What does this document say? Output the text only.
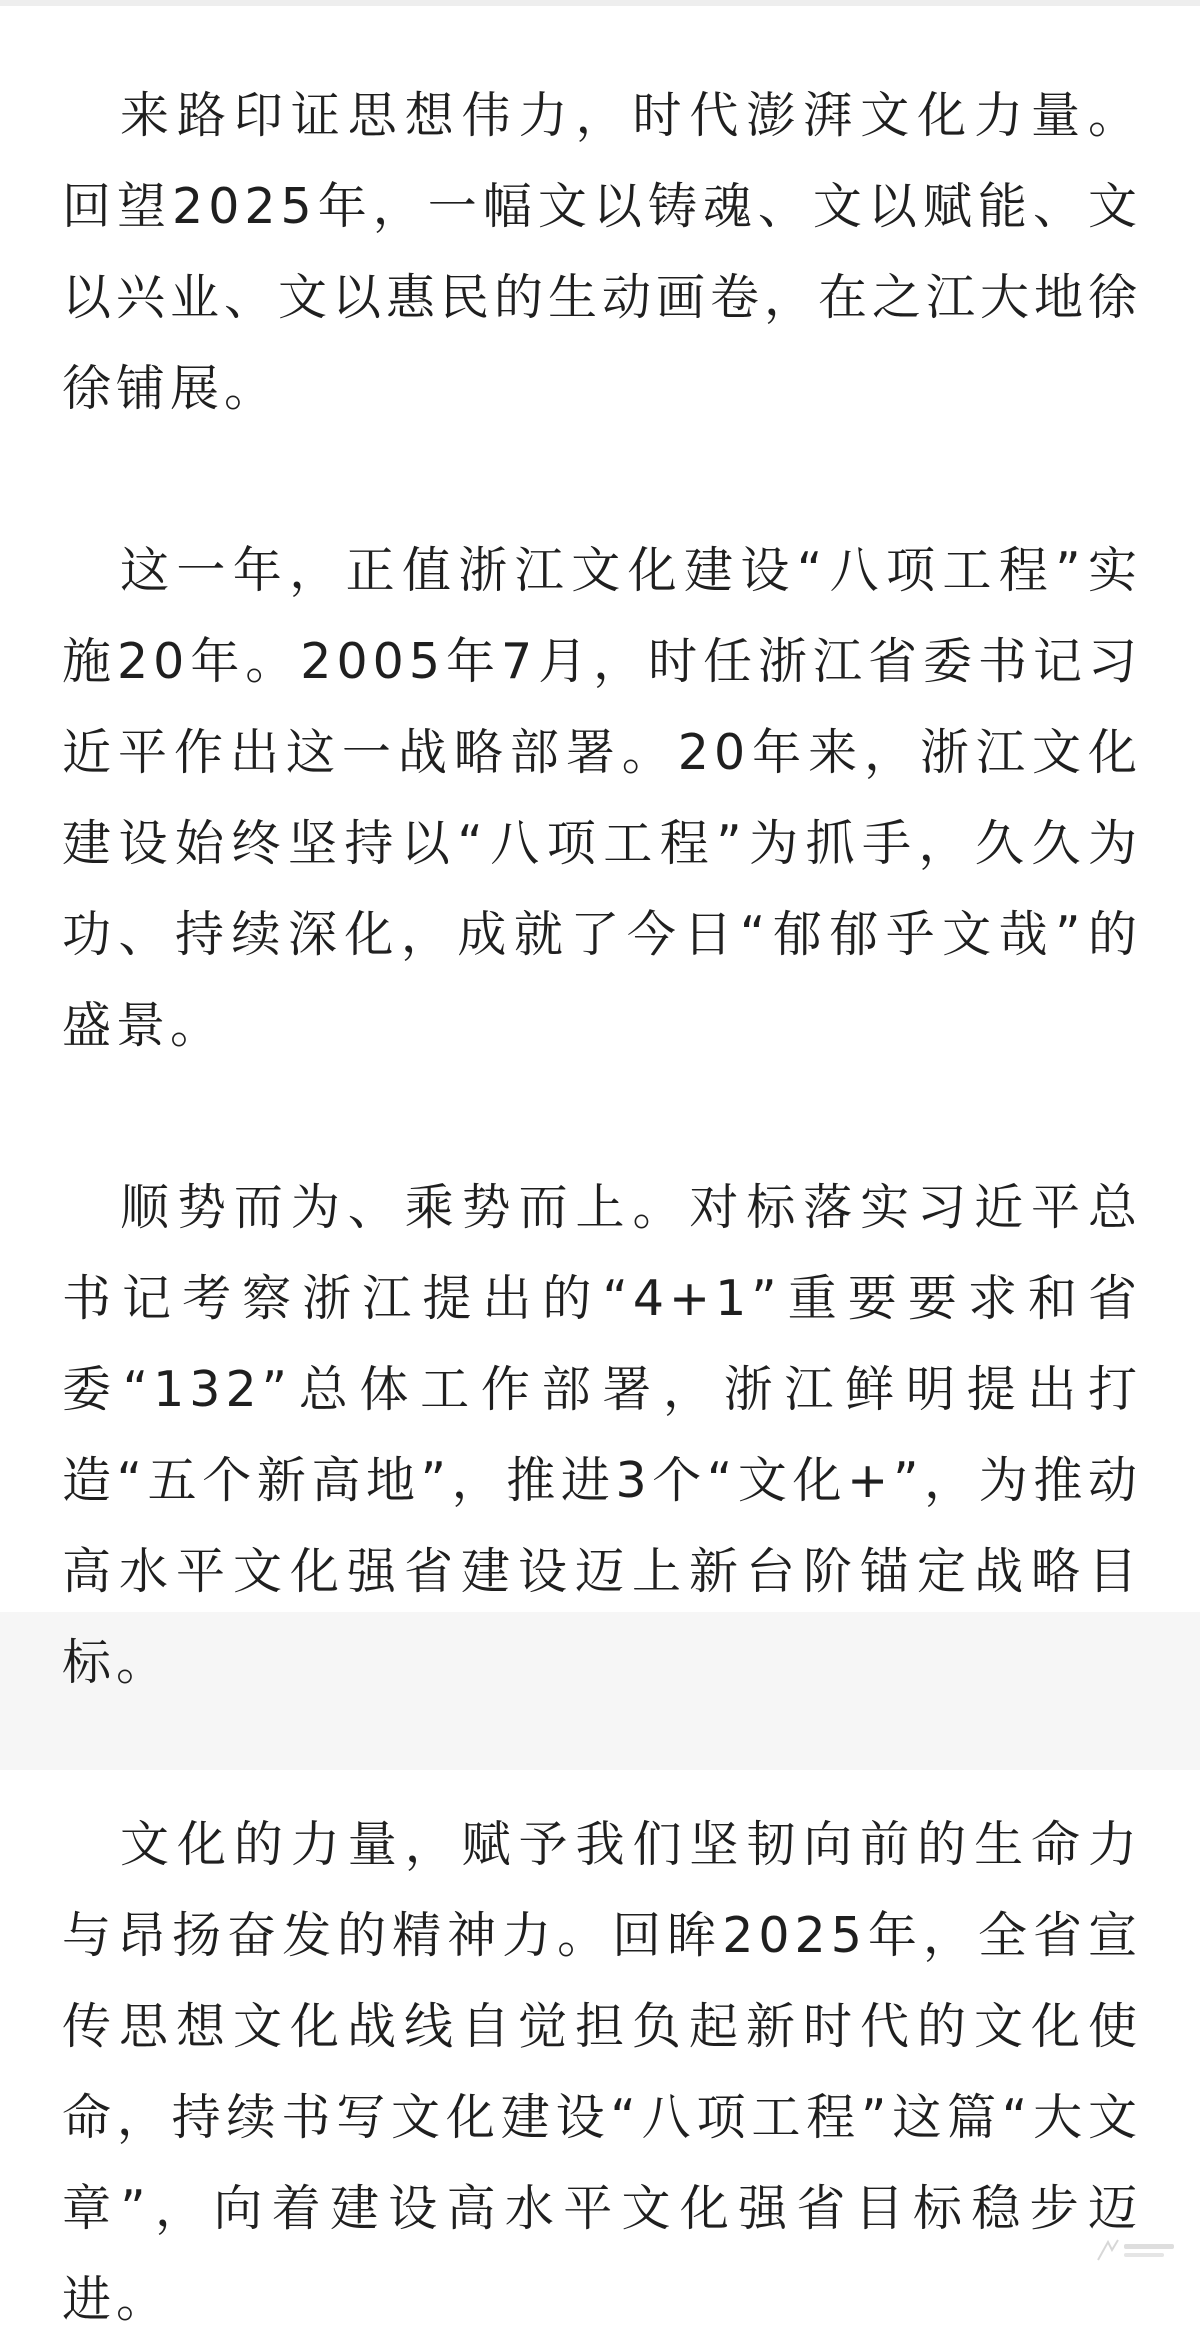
来路印证思想伟力，时代澎湃文化力量。回望2025年，一幅文以铸魂、文以赋能、文以兴业、文以惠民的生动画卷，在之江大地徐徐铺展。

这一年，正值浙江文化建设“八项工程”实施20年。2005年7月，时任浙江省委书记习近平作出这一战略部署。20年来，浙江文化建设始终坚持以“八项工程”为抓手，久久为功、持续深化，成就了今日“郁郁乎文哉”的盛景。

顺势而为、乘势而上。对标落实习近平总书记考察浙江提出的“4+1”重要要求和省委“132”总体工作部署，浙江鲜明提出打造“五个新高地”，推进3个“文化+”，为推动高水平文化强省建设迈上新台阶锚定战略目标。

文化的力量，赋予我们坚韧向前的生命力与昂扬奋发的精神力。回眸2025年，全省宣传思想文化战线自觉担负起新时代的文化使命，持续书写文化建设“八项工程”这篇“大文章”，向着建设高水平文化强省目标稳步迈进。
